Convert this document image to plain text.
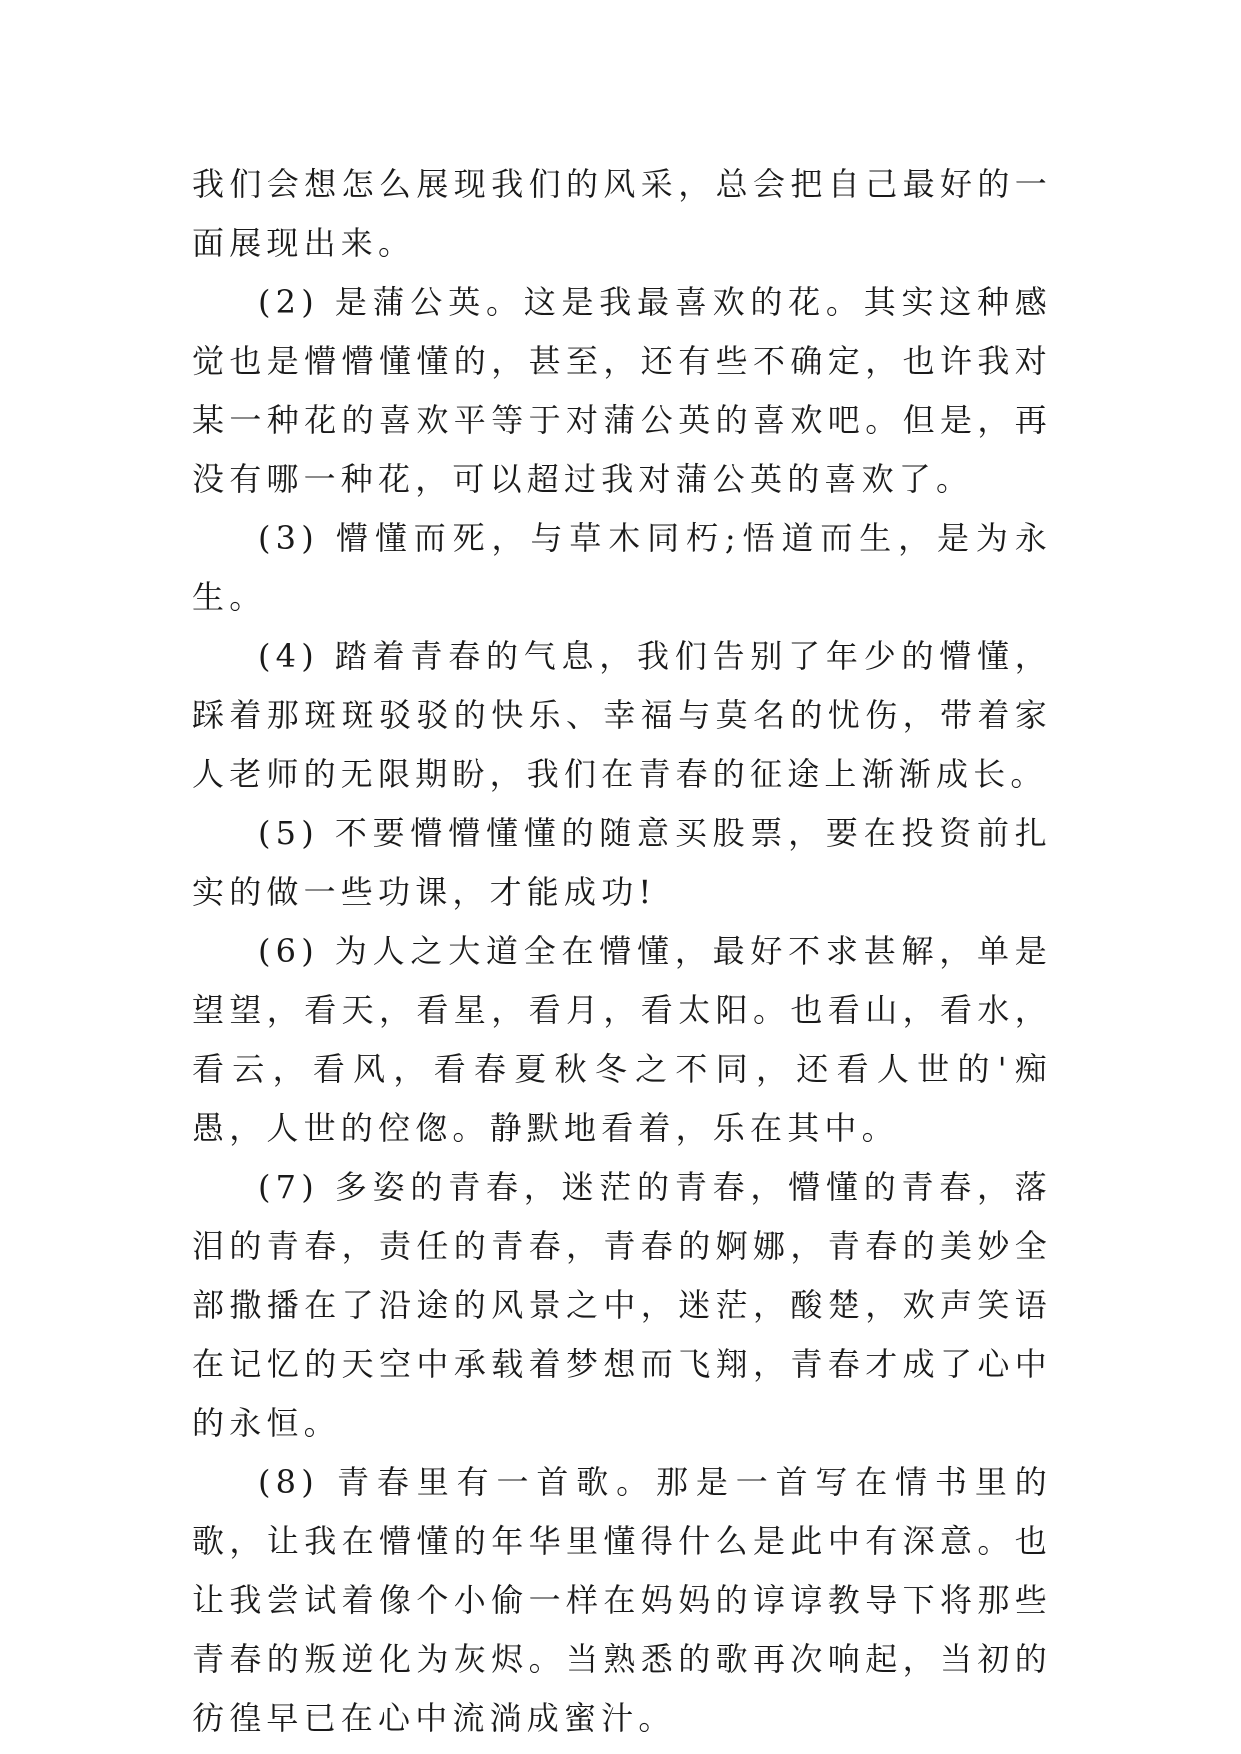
我们会想怎么展现我们的风采，总会把自己最好的一面展现出来。

(2) 是蒲公英。这是我最喜欢的花。其实这种感觉也是懵懵懂懂的，甚至，还有些不确定，也许我对某一种花的喜欢平等于对蒲公英的喜欢吧。但是，再没有哪一种花，可以超过我对蒲公英的喜欢了。

(3) 懵懂而死，与草木同朽;悟道而生，是为永生。

(4) 踏着青春的气息，我们告别了年少的懵懂，踩着那斑斑驳驳的快乐、幸福与莫名的忧伤，带着家人老师的无限期盼，我们在青春的征途上渐渐成长。

(5) 不要懵懵懂懂的随意买股票，要在投资前扎实的做一些功课，才能成功!

(6) 为人之大道全在懵懂，最好不求甚解，单是望望，看天，看星，看月，看太阳。也看山，看水，看云，看风，看春夏秋冬之不同，还看人世的'痴愚，人世的倥偬。静默地看着，乐在其中。

(7) 多姿的青春，迷茫的青春，懵懂的青春，落泪的青春，责任的青春，青春的婀娜，青春的美妙全部撒播在了沿途的风景之中，迷茫，酸楚，欢声笑语在记忆的天空中承载着梦想而飞翔，青春才成了心中的永恒。

(8) 青春里有一首歌。那是一首写在情书里的歌，让我在懵懂的年华里懂得什么是此中有深意。也让我尝试着像个小偷一样在妈妈的谆谆教导下将那些青春的叛逆化为灰烬。当熟悉的歌再次响起，当初的彷徨早已在心中流淌成蜜汁。
